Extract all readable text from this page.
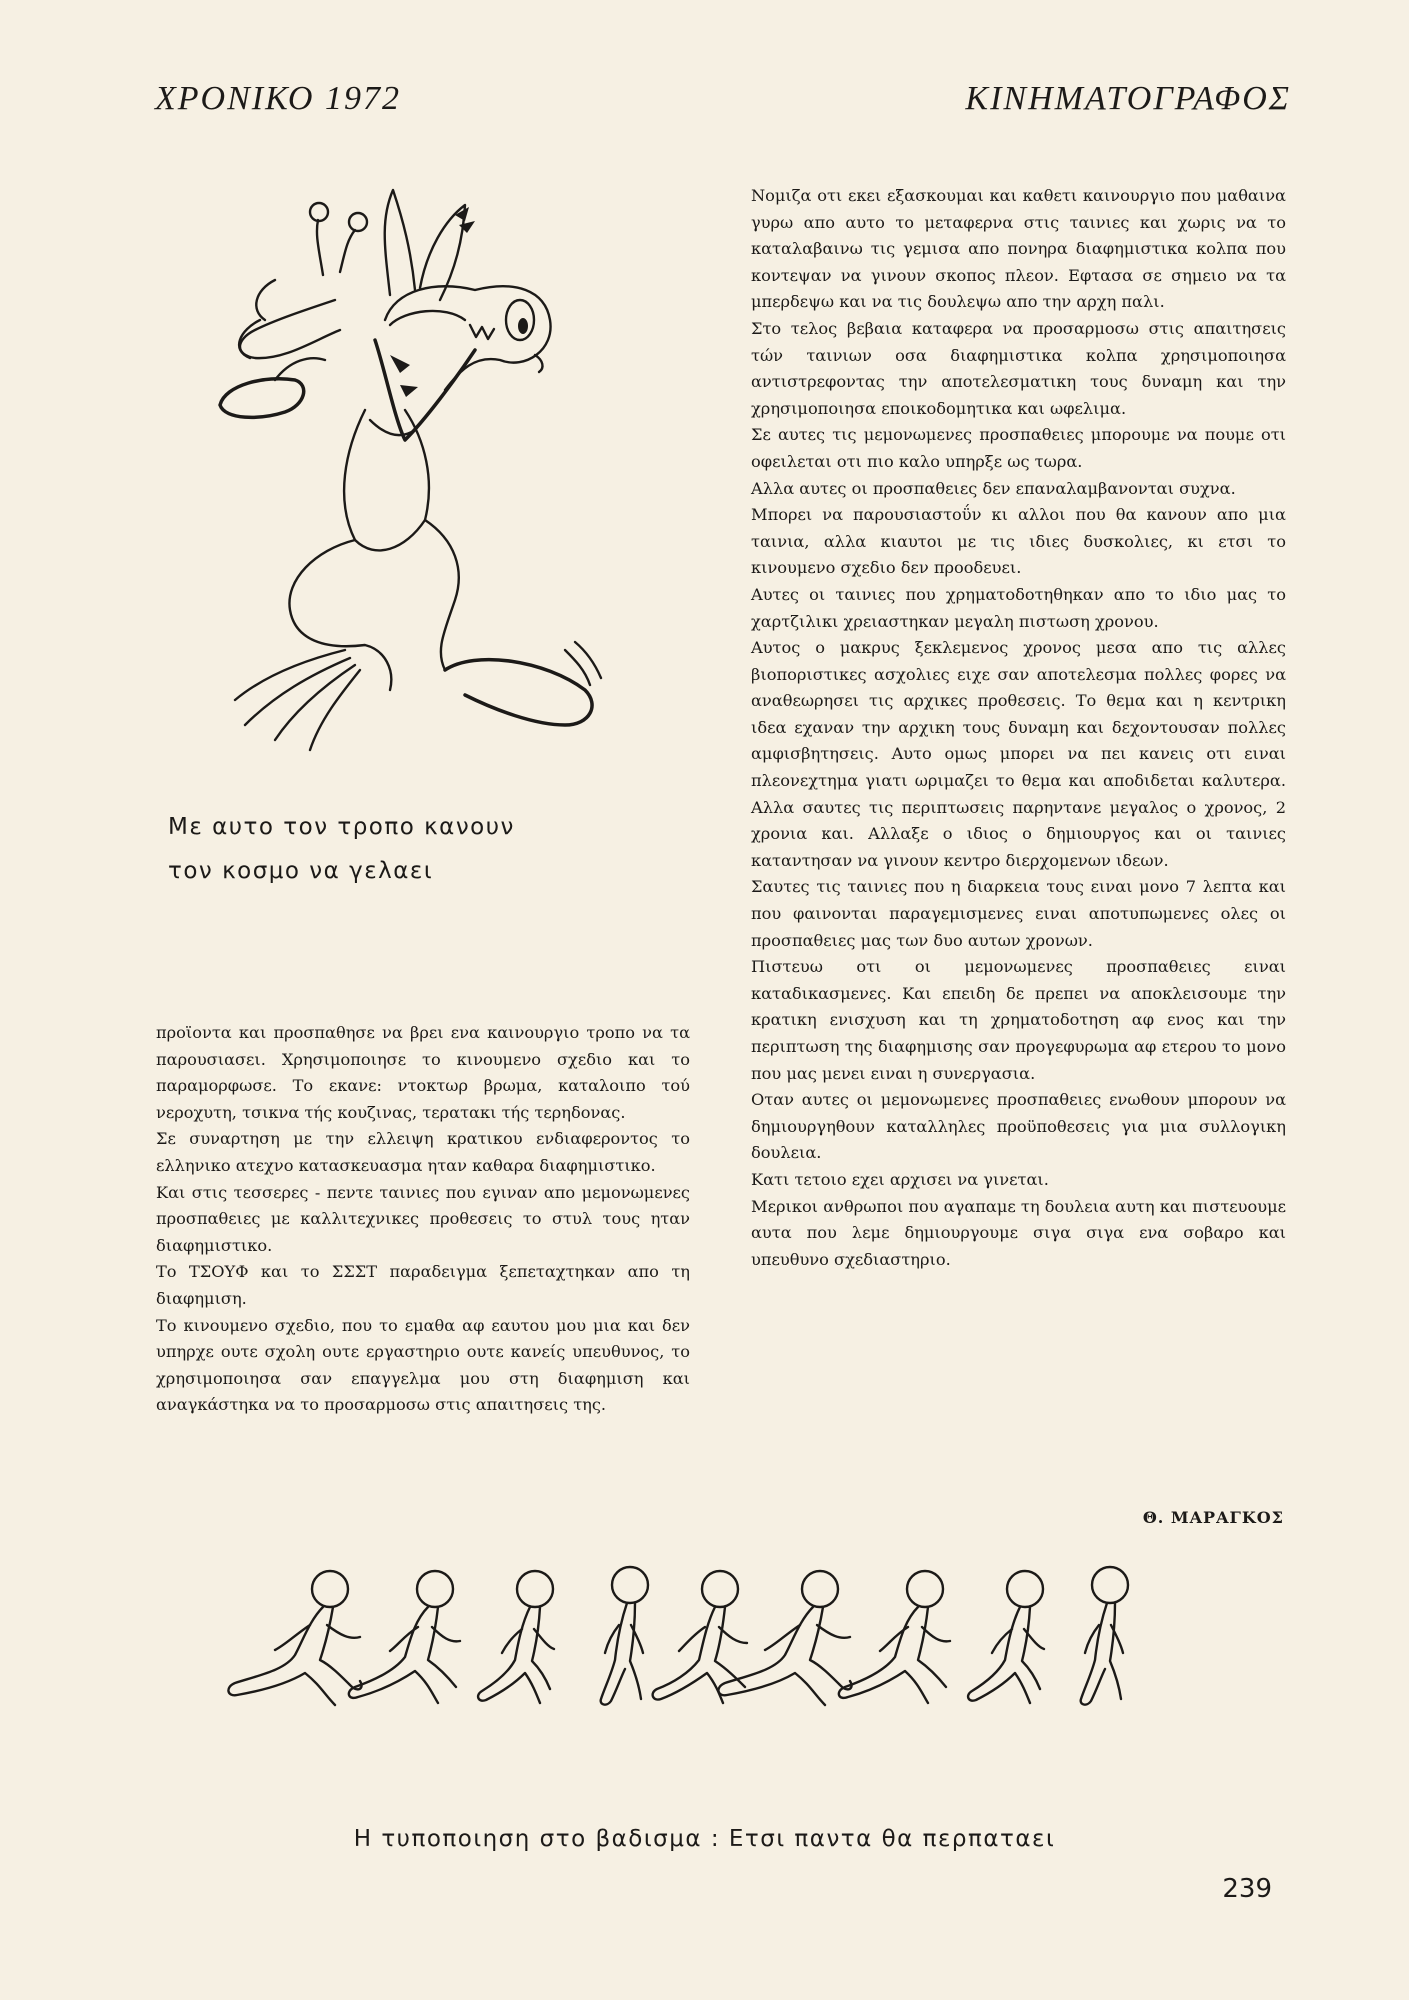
ΧΡΟΝΙΚΟ 1972	ΚΙΝΗΜΑΤΟΓΡΑΦΟΣ
Με αυτο τον τροπο κανουν
τον κοσμο να γελαει

προϊοντα και προσπαθησε να βρει ενα καινουργιο τροπο να τα παρουσιασει. Χρησιμοποιησε το κινουμενο σχεδιο και το παραμορφωσε. Το εκανε: ντοκτωρ βρωμα, καταλοιπο τού νεροχυτη, τσικνα τής κουζινας, τερατακι τής τερηδονας.

Σε συναρτηση με την ελλειψη κρατικου ενδιαφεροντος το ελληνικο ατεχνο κατασκευασμα ηταν καθαρα διαφημιστικο.

Και στις τεσσερες - πεντε ταινιες που εγιναν απο μεμονωμενες προσπαθειες με καλλιτεχνικες προθεσεις το στυλ τους ηταν διαφημιστικο.

Το ΤΣΟΥΦ και το ΣΣΣΤ παραδειγμα ξεπεταχτηκαν απο τη διαφημιση.

Το κινουμενο σχεδιο, που το εμαθα αφ εαυτου μου μια και δεν υπηρχε ουτε σχολη ουτε εργαστηριο ουτε κανείς υπευθυνος, το χρησιμοποιησα σαν επαγγελμα μου στη διαφημιση και αναγκάστηκα να το προσαρμοσω στις απαιτησεις της.

Νομιζα οτι εκει εξασκουμαι και καθετι καινουργιο που μαθαινα γυρω απο αυτο το μεταφερνα στις ταινιες και χωρις να το καταλαβαινω τις γεμισα απο πονηρα διαφημιστικα κολπα που κοντεψαν να γινουν σκοπος πλεον. Εφτασα σε σημειο να τα μπερδεψω και να τις δουλεψω απο την αρχη παλι.

Στο τελος βεβαια καταφερα να προσαρμοσω στις απαιτησεις τών ταινιων οσα διαφημιστικα κολπα χρησιμοποιησα αντιστρεφοντας την αποτελεσματικη τους δυναμη και την χρησιμοποιησα εποικοδομητικα και ωφελιμα.

Σε αυτες τις μεμονωμενες προσπαθειες μπορουμε να πουμε οτι οφειλεται οτι πιο καλο υπηρξε ως τωρα.

Αλλα αυτες οι προσπαθειες δεν επαναλαμβανονται συχνα.

Μπορει να παρουσιαστοΰν κι αλλοι που θα κανουν απο μια ταινια, αλλα κιαυτοι με τις ιδιες δυσκολιες, κι ετσι το κινουμενο σχεδιο δεν προοδευει.

Αυτες οι ταινιες που χρηματοδοτηθηκαν απο το ιδιο μας το χαρτζιλικι χρειαστηκαν μεγαλη πιστωση χρονου.

Αυτος ο μακρυς ξεκλεμενος χρονος μεσα απο τις αλλες βιοποριστικες ασχολιες ειχε σαν αποτελεσμα πολλες φορες να αναθεωρησει τις αρχικες προθεσεις. Το θεμα και η κεντρικη ιδεα εχαναν την αρχικη τους δυναμη και δεχοντουσαν πολλες αμφισβητησεις. Αυτο ομως μπορει να πει κανεις οτι ειναι πλεονεχτημα γιατι ωριμαζει το θεμα και αποδιδεται καλυτερα. Αλλα σαυτες τις περιπτωσεις παρηντανε μεγαλος ο χρονος, 2 χρονια και. Αλλαξε ο ιδιος ο δημιουργος και οι ταινιες καταντησαν να γινουν κεντρο διερχομενων ιδεων.

Σαυτες τις ταινιες που η διαρκεια τους ειναι μονο 7 λεπτα και που φαινονται παραγεμισμενες ειναι αποτυπωμενες ολες οι προσπαθειες μας των δυο αυτων χρονων.

Πιστευω οτι οι μεμονωμενες προσπαθειες ειναι καταδικασμενες. Και επειδη δε πρεπει να αποκλεισουμε την κρατικη ενισχυση και τη χρηματοδοτηση αφ ενος και την περιπτωση της διαφημισης σαν προγεφυρωμα αφ ετερου το μονο που μας μενει ειναι η συνεργασια.

Οταν αυτες οι μεμονωμενες προσπαθειες ενωθουν μπορουν να δημιουργηθουν καταλληλες προϋποθεσεις για μια συλλογικη δουλεια.

Κατι τετοιο εχει αρχισει να γινεται.

Μερικοι ανθρωποι που αγαπαμε τη δουλεια αυτη και πιστευουμε αυτα που λεμε δημιουργουμε σιγα σιγα ενα σοβαρο και υπευθυνο σχεδιαστηριο.

Θ. ΜΑΡΑΓΚΟΣ
Η τυποποιηση στο βαδισμα : Ετσι παντα θα περπαταει
239
